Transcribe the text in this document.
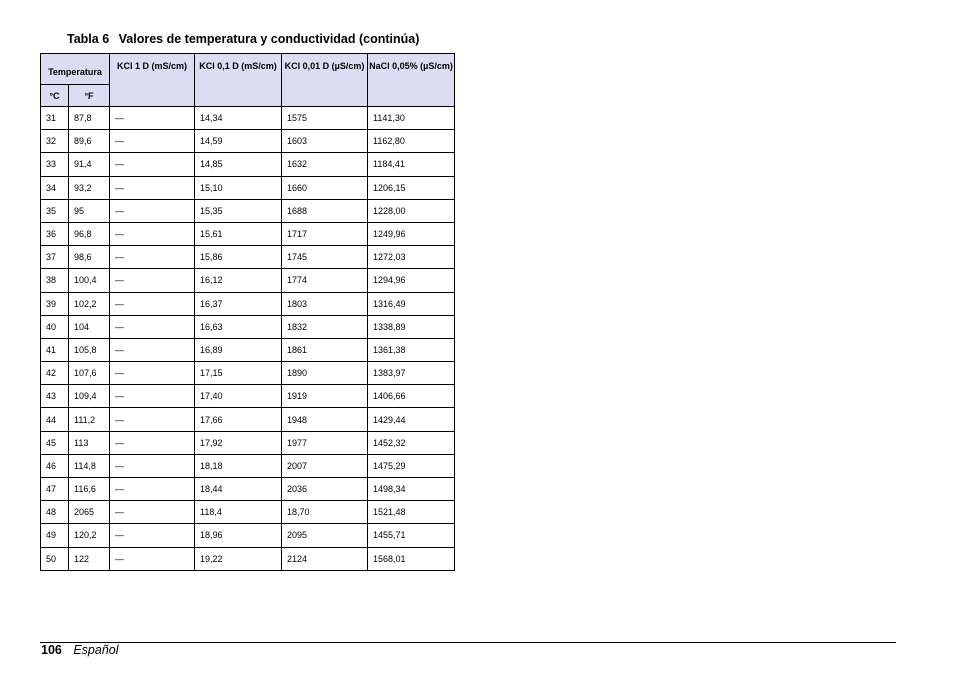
Tabla 6 Valores de temperatura y conductividad (continúa)
Temperatura		KCl 1 D (mS/cm)	KCl 0,1 D (mS/cm)	KCl 0,01 D (µS/cm)	NaCl 0,05% (µS/cm)
°C	°F				
31	87,8	—	14,34	1575	1141,30
32	89,6	—	14,59	1603	1162,80
33	91,4	—	14,85	1632	1184,41
34	93,2	—	15,10	1660	1206,15
35	95	—	15,35	1688	1228,00
36	96,8	—	15,61	1717	1249,96
37	98,6	—	15,86	1745	1272,03
38	100,4	—	16,12	1774	1294,96
39	102,2	—	16,37	1803	1316,49
40	104	—	16,63	1832	1338,89
41	105,8	—	16,89	1861	1361,38
42	107,6	—	17,15	1890	1383,97
43	109,4	—	17,40	1919	1406,66
44	111,2	—	17,66	1948	1429,44
45	113	—	17,92	1977	1452,32
46	114,8	—	18,18	2007	1475,29
47	116,6	—	18,44	2036	1498,34
48	2065	—	118,4	18,70	1521,48
49	120,2	—	18,96	2095	1455,71
50	122	—	19,22	2124	1568,01
106 Español
